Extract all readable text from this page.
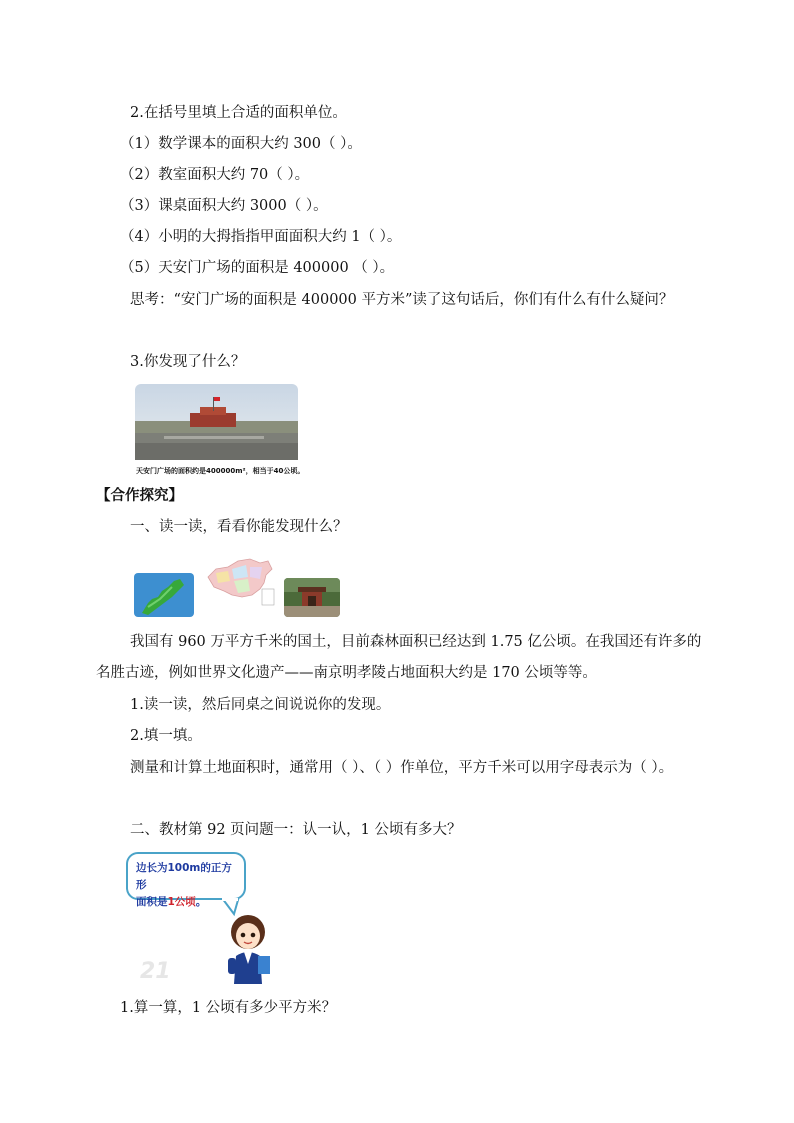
2.在括号里填上合适的面积单位。
（1）数学课本的面积大约 300（ ）。
（2）教室面积大约 70（ ）。
（3）课桌面积大约 3000（ ）。
（4）小明的大拇指指甲面面积大约 1（ ）。
（5）天安门广场的面积是 400000 （ ）。
思考：“安门广场的面积是 400000 平方米”读了这句话后，你们有什么有什么疑问？
3.你发现了什么？
天安门广场的面积约是400000m²，相当于40公顷。
【合作探究】
一、读一读，看看你能发现什么？
我国有 960 万平方千米的国土，目前森林面积已经达到 1.75 亿公顷。在我国还有许多的名胜古迹，例如世界文化遗产——南京明孝陵占地面积大约是 170 公顷等等。
1.读一读，然后同桌之间说说你的发现。
2.填一填。
测量和计算土地面积时，通常用（ ）、（ ）作单位，平方千米可以用字母表示为（ ）。
二、教材第 92 页问题一：认一认，1 公顷有多大？
边长为100m的正方形
面积是1公顷。
21
1.算一算，1 公顷有多少平方米？
